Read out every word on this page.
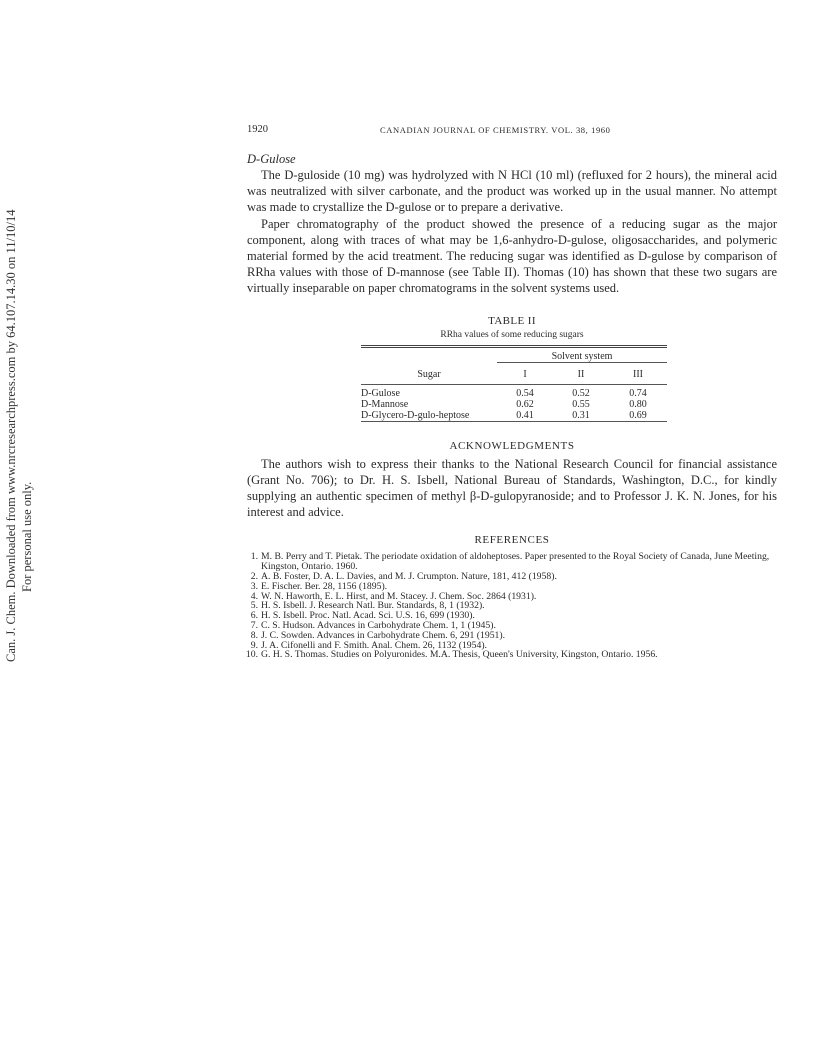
Can. J. Chem. Downloaded from www.nrcresearchpress.com by 64.107.14.30 on 11/10/14 For personal use only.
1920	CANADIAN JOURNAL OF CHEMISTRY. VOL. 38, 1960
D-Gulose

The D-guloside (10 mg) was hydrolyzed with N HCl (10 ml) (refluxed for 2 hours), the mineral acid was neutralized with silver carbonate, and the product was worked up in the usual manner. No attempt was made to crystallize the D-gulose or to prepare a derivative.

Paper chromatography of the product showed the presence of a reducing sugar as the major component, along with traces of what may be 1,6-anhydro-D-gulose, oligosaccharides, and polymeric material formed by the acid treatment. The reducing sugar was identified as D-gulose by comparison of RRha values with those of D-mannose (see Table II). Thomas (10) has shown that these two sugars are virtually inseparable on paper chromatograms in the solvent systems used.

TABLE II
RRha values of some reducing sugars

	Solvent system		

Sugar	I	II	III

D-Gulose	0.54	0.52	0.74
D-Mannose	0.62	0.55	0.80
D-Glycero-D-gulo-heptose	0.41	0.31	0.69

ACKNOWLEDGMENTS

The authors wish to express their thanks to the National Research Council for financial assistance (Grant No. 706); to Dr. H. S. Isbell, National Bureau of Standards, Washington, D.C., for kindly supplying an authentic specimen of methyl β-D-gulopyranoside; and to Professor J. K. N. Jones, for his interest and advice.

REFERENCES
1. M. B. Perry and T. Pietak. The periodate oxidation of aldoheptoses. Paper presented to the Royal Society of Canada, June Meeting, Kingston, Ontario. 1960.
2. A. B. Foster, D. A. L. Davies, and M. J. Crumpton. Nature, 181, 412 (1958).
3. E. Fischer. Ber. 28, 1156 (1895).
4. W. N. Haworth, E. L. Hirst, and M. Stacey. J. Chem. Soc. 2864 (1931).
5. H. S. Isbell. J. Research Natl. Bur. Standards, 8, 1 (1932).
6. H. S. Isbell. Proc. Natl. Acad. Sci. U.S. 16, 699 (1930).
7. C. S. Hudson. Advances in Carbohydrate Chem. 1, 1 (1945).
8. J. C. Sowden. Advances in Carbohydrate Chem. 6, 291 (1951).
9. J. A. Cifonelli and F. Smith. Anal. Chem. 26, 1132 (1954).
10. G. H. S. Thomas. Studies on Polyuronides. M.A. Thesis, Queen's University, Kingston, Ontario. 1956.
